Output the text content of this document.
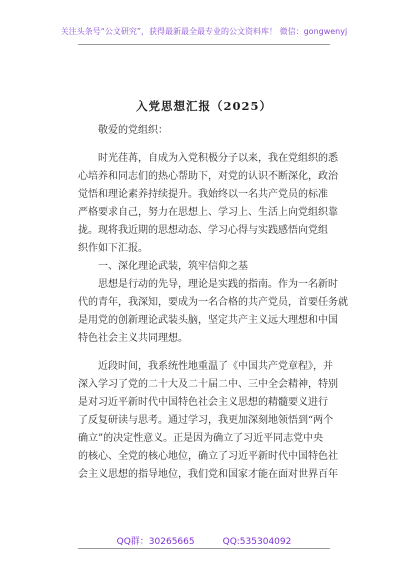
关注头条号“公文研究”，获得最新最全最专业的公文资料库！ 微信：gongwenyj
入党思想汇报（2025）

敬爱的党组织：

　　时光荏苒，自成为入党积极分子以来，我在党组织的悉
心培养和同志们的热心帮助下，对党的认识不断深化，政治
觉悟和理论素养持续提升。我始终以一名共产党员的标准
严格要求自己，努力在思想上、学习上、生活上向党组织靠
拢。现将我近期的思想动态、学习心得与实践感悟向党组
织作如下汇报。

　　一、深化理论武装，筑牢信仰之基

　　思想是行动的先导，理论是实践的指南。作为一名新时
代的青年，我深知，要成为一名合格的共产党员，首要任务就
是用党的创新理论武装头脑，坚定共产主义远大理想和中国
特色社会主义共同理想。

　　近段时间，我系统性地重温了《中国共产党章程》，并
深入学习了党的二十大及二十届二中、三中全会精神，特别
是对习近平新时代中国特色社会主义思想的精髓要义进行
了反复研读与思考。通过学习，我更加深刻地领悟到“两个
确立”的决定性意义。正是因为确立了习近平同志党中央
的核心、全党的核心地位，确立了习近平新时代中国特色社
会主义思想的指导地位，我们党和国家才能在面对世界百年

QQ群：30265665	QQ:535304092
